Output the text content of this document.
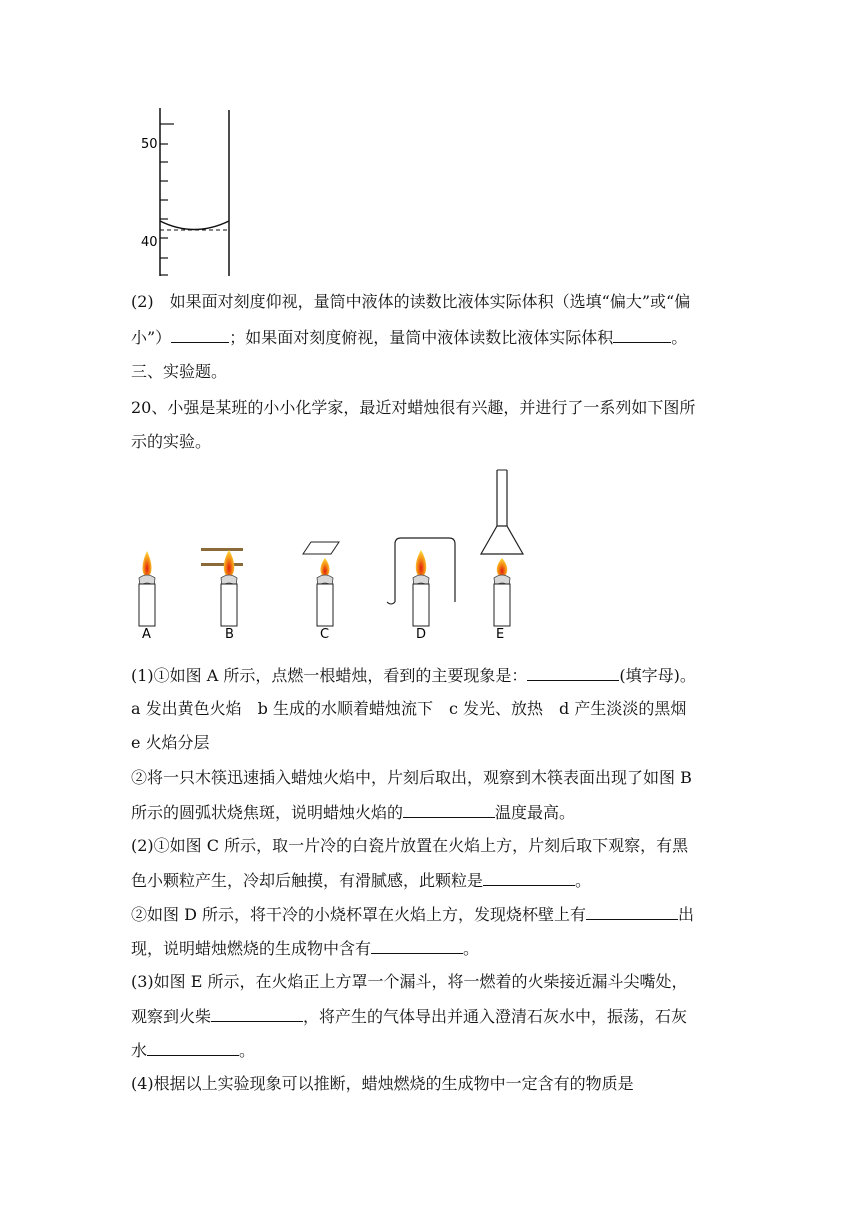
50
40
(2)　如果面对刻度仰视，量筒中液体的读数比液体实际体积（选填“偏大”或“偏
小”）	；如果面对刻度俯视，量筒中液体读数比液体实际体积	。
三、实验题。
20、小强是某班的小小化学家，最近对蜡烛很有兴趣，并进行了一系列如下图所
示的实验。
A	B	C	D	E
(1)①如图 A 所示，点燃一根蜡烛，看到的主要现象是：	(填字母)。
a 发出黄色火焰　b 生成的水顺着蜡烛流下　c 发光、放热　d 产生淡淡的黑烟
e 火焰分层
②将一只木筷迅速插入蜡烛火焰中，片刻后取出，观察到木筷表面出现了如图 B
所示的圆弧状烧焦斑，说明蜡烛火焰的	温度最高。
(2)①如图 C 所示，取一片冷的白瓷片放置在火焰上方，片刻后取下观察，有黑
色小颗粒产生，冷却后触摸，有滑腻感，此颗粒是	。
②如图 D 所示，将干冷的小烧杯罩在火焰上方，发现烧杯壁上有	出
现，说明蜡烛燃烧的生成物中含有	。
(3)如图 E 所示，在火焰正上方罩一个漏斗，将一燃着的火柴接近漏斗尖嘴处，
观察到火柴	，将产生的气体导出并通入澄清石灰水中，振荡，石灰
水	。
(4)根据以上实验现象可以推断，蜡烛燃烧的生成物中一定含有的物质是
